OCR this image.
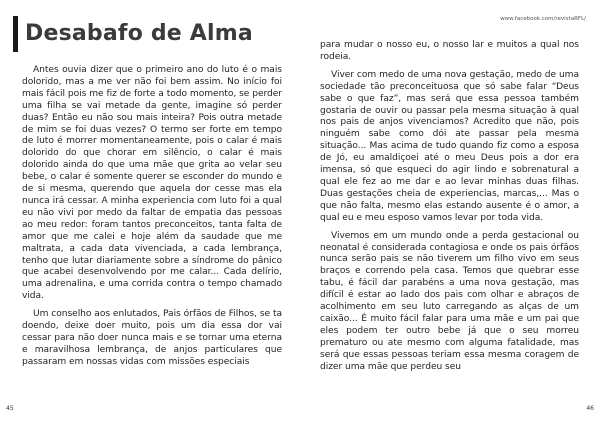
Desabafo de Alma

Antes ouvia dizer que o primeiro ano do luto é o mais dolorido, mas a me ver não foi bem assim. No início foi mais fácil pois me fiz de forte a todo momento, se perder uma filha se vai metade da gente, imagine só perder duas? Então eu não sou mais inteira? Pois outra metade de mim se foi duas vezes? O termo ser forte em tempo de luto é morrer momentaneamente, pois o calar é mais dolorido do que chorar em silêncio, o calar é mais dolorido ainda do que uma mãe que grita ao velar seu bebe, o calar é somente querer se esconder do mundo e de si mesma, querendo que aquela dor cesse mas ela nunca irá cessar. A minha experiencia com luto foi a qual eu não vivi por medo da faltar de empatia das pessoas ao meu redor: foram tantos preconceitos, tanta falta de amor que me calei e hoje além da saudade que me maltrata, a cada data vivenciada, a cada lembrança, tenho que lutar diariamente sobre a síndrome do pânico que acabei desenvolvendo por me calar... Cada delírio, uma adrenalina, e uma corrida contra o tempo chamado vida.

Um conselho aos enlutados, Pais órfãos de Filhos, se ta doendo, deixe doer muito, pois um dia essa dor vai cessar para não doer nunca mais e se tornar uma eterna e maravilhosa lembrança, de anjos particulares que passaram em nossas vidas com missões especiais

45
www.facebook.com/revistaRFL/

para mudar o nosso eu, o nosso lar e muitos a qual nos rodeia.

Viver com medo de uma nova gestação, medo de uma sociedade tão preconceituosa que só sabe falar “Deus sabe o que faz”, mas será que essa pessoa também gostaria de ouvir ou passar pela mesma situação à qual nos pais de anjos vivenciamos? Acredito que não, pois ninguém sabe como dói ate passar pela mesma situação... Mas acima de tudo quando fiz como a esposa de Jó, eu amaldiçoei até o meu Deus pois a dor era imensa, só que esqueci do agir lindo e sobrenatural a qual ele fez ao me dar e ao levar minhas duas filhas. Duas gestações cheia de experiencias, marcas,... Mas o que não falta, mesmo elas estando ausente é o amor, a qual eu e meu esposo vamos levar por toda vida.

Vivemos em um mundo onde a perda gestacional ou neonatal é considerada contagiosa e onde os pais órfãos nunca serão pais se não tiverem um filho vivo em seus braços e correndo pela casa. Temos que quebrar esse tabu, é fácil dar parabéns a uma nova gestação, mas difícil é estar ao lado dos pais com olhar e abraços de acolhimento em seu luto carregando as alças de um caixão... É muito fácil falar para uma mãe e um pai que eles podem ter outro bebe já que o seu morreu prematuro ou ate mesmo com alguma fatalidade, mas será que essas pessoas teriam essa mesma coragem de dizer uma mãe que perdeu seu

46
